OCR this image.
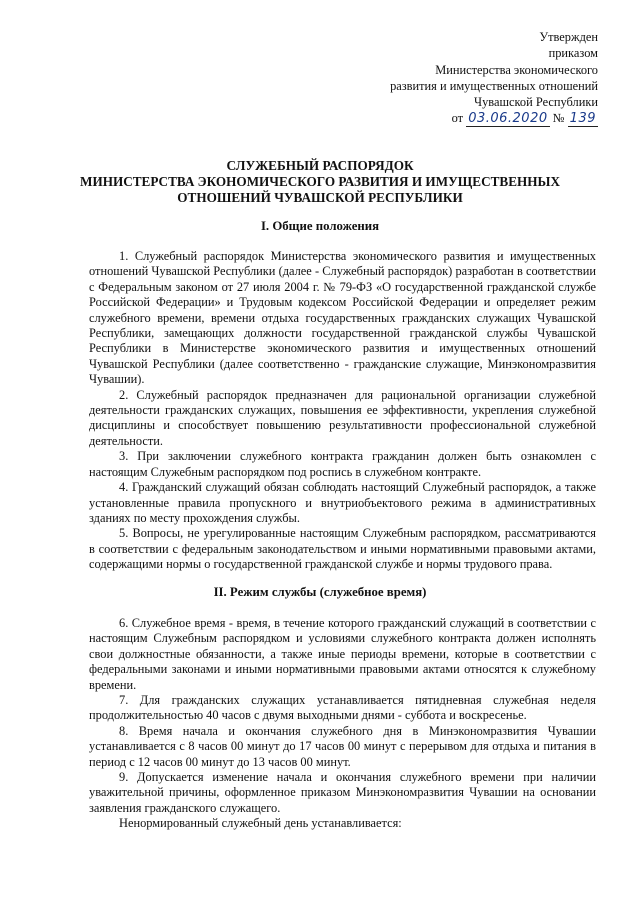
Утвержден
приказом
Министерства экономического
развития и имущественных отношений
Чувашской Республики
от 03.06.2020 № 139
СЛУЖЕБНЫЙ РАСПОРЯДОК
МИНИСТЕРСТВА ЭКОНОМИЧЕСКОГО РАЗВИТИЯ И ИМУЩЕСТВЕННЫХ
ОТНОШЕНИЙ ЧУВАШСКОЙ РЕСПУБЛИКИ
I. Общие положения

1. Служебный распорядок Министерства экономического развития и имущественных отношений Чувашской Республики (далее - Служебный распорядок) разработан в соответствии с Федеральным законом от 27 июля 2004 г. № 79-ФЗ «О государственной гражданской службе Российской Федерации» и Трудовым кодексом Российской Федерации и определяет режим служебного времени, времени отдыха государственных гражданских служащих Чувашской Республики, замещающих должности государственной гражданской службы Чувашской Республики в Министерстве экономического развития и имущественных отношений Чувашской Республики (далее соответственно - гражданские служащие, Минэкономразвития Чувашии).

2. Служебный распорядок предназначен для рациональной организации служебной деятельности гражданских служащих, повышения ее эффективности, укрепления служебной дисциплины и способствует повышению результативности профессиональной служебной деятельности.

3. При заключении служебного контракта гражданин должен быть ознакомлен с настоящим Служебным распорядком под роспись в служебном контракте.

4. Гражданский служащий обязан соблюдать настоящий Служебный распорядок, а также установленные правила пропускного и внутриобъектового режима в административных зданиях по месту прохождения службы.

5. Вопросы, не урегулированные настоящим Служебным распорядком, рассматриваются в соответствии с федеральным законодательством и иными нормативными правовыми актами, содержащими нормы о государственной гражданской службе и нормы трудового права.

II. Режим службы (служебное время)

6. Служебное время - время, в течение которого гражданский служащий в соответствии с настоящим Служебным распорядком и условиями служебного контракта должен исполнять свои должностные обязанности, а также иные периоды времени, которые в соответствии с федеральными законами и иными нормативными правовыми актами относятся к служебному времени.

7. Для гражданских служащих устанавливается пятидневная служебная неделя продолжительностью 40 часов с двумя выходными днями - суббота и воскресенье.

8. Время начала и окончания служебного дня в Минэкономразвития Чувашии устанавливается с 8 часов 00 минут до 17 часов 00 минут с перерывом для отдыха и питания в период с 12 часов 00 минут до 13 часов 00 минут.

9. Допускается изменение начала и окончания служебного времени при наличии уважительной причины, оформленное приказом Минэкономразвития Чувашии на основании заявления гражданского служащего.

Ненормированный служебный день устанавливается:
